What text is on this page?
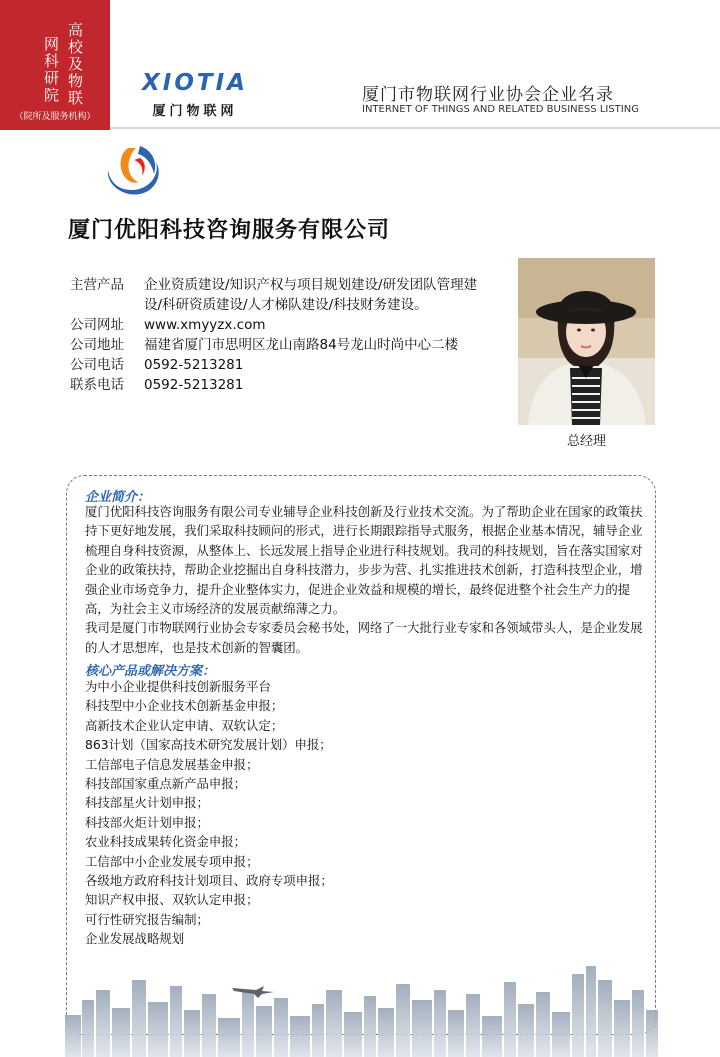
高校及物联
网科研院
（院所及服务机构）
XIOTIA
厦门物联网
厦门市物联网行业协会企业名录
INTERNET OF THINGS AND RELATED BUSINESS LISTING
厦门优阳科技咨询服务有限公司
主营产品	企业资质建设/知识产权与项目规划建设/研发团队管理建设/科研资质建设/人才梯队建设/科技财务建设。
公司网址	www.xmyyzx.com
公司地址	福建省厦门市思明区龙山南路84号龙山时尚中心二楼
公司电话	0592-5213281
联系电话	0592-5213281
总经理
企业简介：
厦门优阳科技咨询服务有限公司专业辅导企业科技创新及行业技术交流。为了帮助企业在国家的政策扶持下更好地发展，我们采取科技顾问的形式，进行长期跟踪指导式服务，根据企业基本情况，辅导企业梳理自身科技资源，从整体上、长远发展上指导企业进行科技规划。我司的科技规划，旨在落实国家对企业的政策扶持，帮助企业挖掘出自身科技潜力，步步为营、扎实推进技术创新，打造科技型企业，增强企业市场竞争力，提升企业整体实力，促进企业效益和规模的增长，最终促进整个社会生产力的提高，为社会主义市场经济的发展贡献绵薄之力。
我司是厦门市物联网行业协会专家委员会秘书处，网络了一大批行业专家和各领域带头人，是企业发展的人才思想库，也是技术创新的智囊团。
核心产品或解决方案：
为中小企业提供科技创新服务平台
科技型中小企业技术创新基金申报；
高新技术企业认定申请、双软认定；
863计划（国家高技术研究发展计划）申报；
工信部电子信息发展基金申报；
科技部国家重点新产品申报；
科技部星火计划申报；
科技部火炬计划申报；
农业科技成果转化资金申报；
工信部中小企业发展专项申报；
各级地方政府科技计划项目、政府专项申报；
知识产权申报、双软认定申报；
可行性研究报告编制；
企业发展战略规划
